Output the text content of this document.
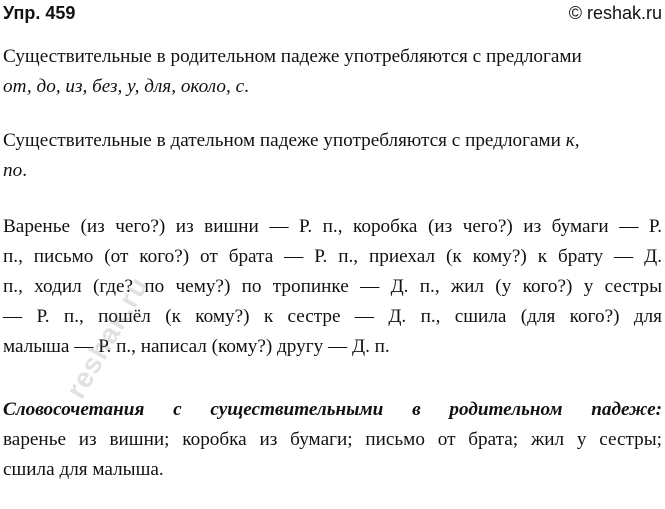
Упр. 459	© reshak.ru
Существительные в родительном падеже употребляются с предлогами
от, до, из, без, у, для, около, с.
Существительные в дательном падеже употребляются с предлогами к,
по.
Варенье (из чего?) из вишни — Р. п., коробка (из чего?) из бумаги — Р.
п., письмо (от кого?) от брата — Р. п., приехал (к кому?) к брату — Д.
п., ходил (где? по чему?) по тропинке — Д. п., жил (у кого?) у сестры
— Р. п., пошёл (к кому?) к сестре — Д. п., сшила (для кого?) для
малыша — Р. п., написал (кому?) другу — Д. п.
Словосочетания с существительными в родительном падеже:
варенье из вишни; коробка из бумаги; письмо от брата; жил у сестры;
сшила для малыша.
reshak.ru
